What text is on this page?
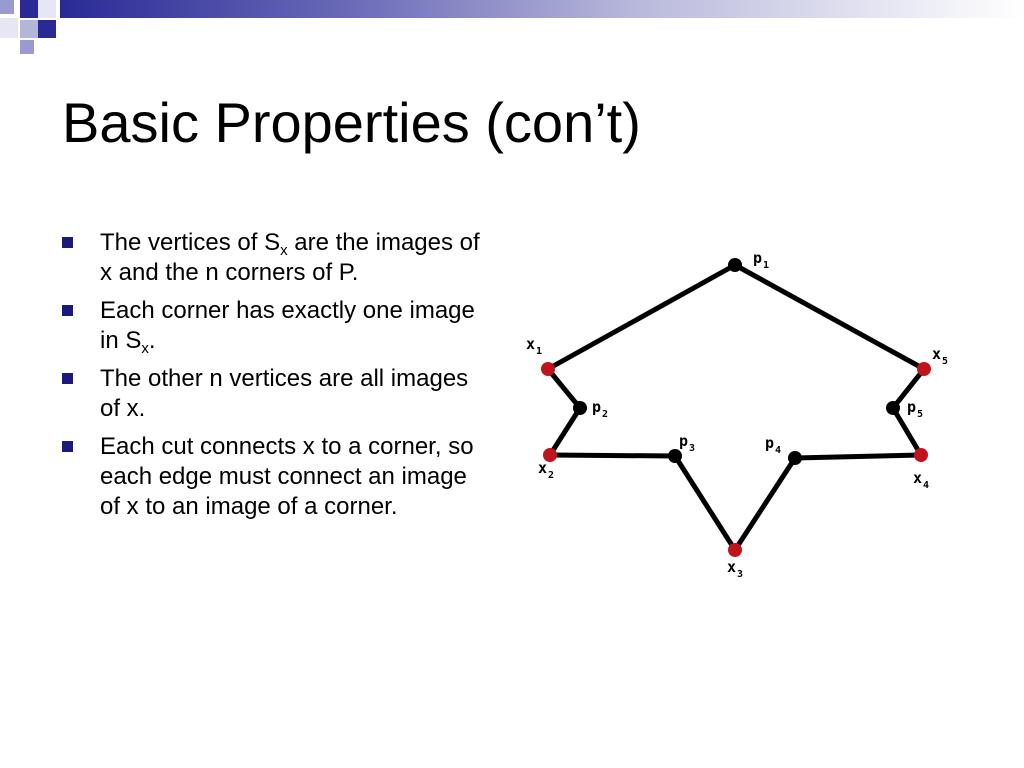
Basic Properties (con’t)
The vertices of $S_x$ are the images of x and the n corners of P.
Each corner has exactly one image in $S_x$.
The other n vertices are all images of x.
Each cut connects x to a corner, so each edge must connect an image of x to an image of a corner.
$p_1$
$x_1$
$p_2$
$x_2$
$p_3$
$x_3$
$p_4$
$x_4$
$p_5$
$x_5$
